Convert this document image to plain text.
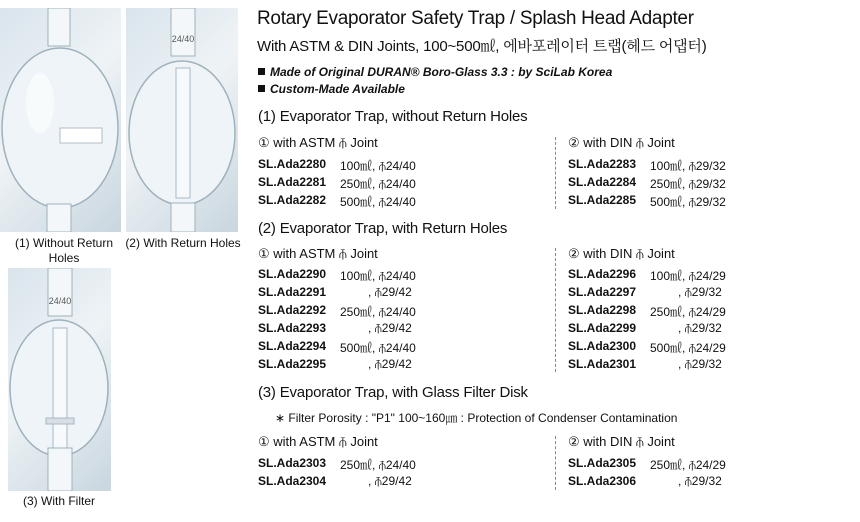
24/40
24/40
(1) Without Return Holes
(2) With Return Holes
(3) With Filter
Rotary Evaporator Safety Trap / Splash Head Adapter
With ASTM & DIN Joints, 100~500㎖, 에바포레이터 트랩(헤드 어댑터)
Made of Original DURAN® Boro-Glass 3.3 : by SciLab Korea
Custom-Made Available
(1) Evaporator Trap, without Return Holes
① with ASTM ⫚ Joint	② with DIN ⫚ Joint
SL.Ada2280 100㎖, ⫚24/40
SL.Ada2281 250㎖, ⫚24/40
SL.Ada2282 500㎖, ⫚24/40
SL.Ada2283 100㎖, ⫚29/32
SL.Ada2284 250㎖, ⫚29/32
SL.Ada2285 500㎖, ⫚29/32
(2) Evaporator Trap, with Return Holes
① with ASTM ⫚ Joint	② with DIN ⫚ Joint
SL.Ada2290 100㎖, ⫚24/40
SL.Ada2291	, ⫚29/42
SL.Ada2292 250㎖, ⫚24/40
SL.Ada2293	, ⫚29/42
SL.Ada2294 500㎖, ⫚24/40
SL.Ada2295	, ⫚29/42
SL.Ada2296 100㎖, ⫚24/29
SL.Ada2297	, ⫚29/32
SL.Ada2298 250㎖, ⫚24/29
SL.Ada2299	, ⫚29/32
SL.Ada2300 500㎖, ⫚24/29
SL.Ada2301	, ⫚29/32
(3) Evaporator Trap, with Glass Filter Disk
∗ Filter Porosity : "P1" 100~160㎛ : Protection of Condenser Contamination
① with ASTM ⫚ Joint	② with DIN ⫚ Joint
SL.Ada2303 250㎖, ⫚24/40
SL.Ada2304	, ⫚29/42
SL.Ada2305 250㎖, ⫚24/29
SL.Ada2306	, ⫚29/32
